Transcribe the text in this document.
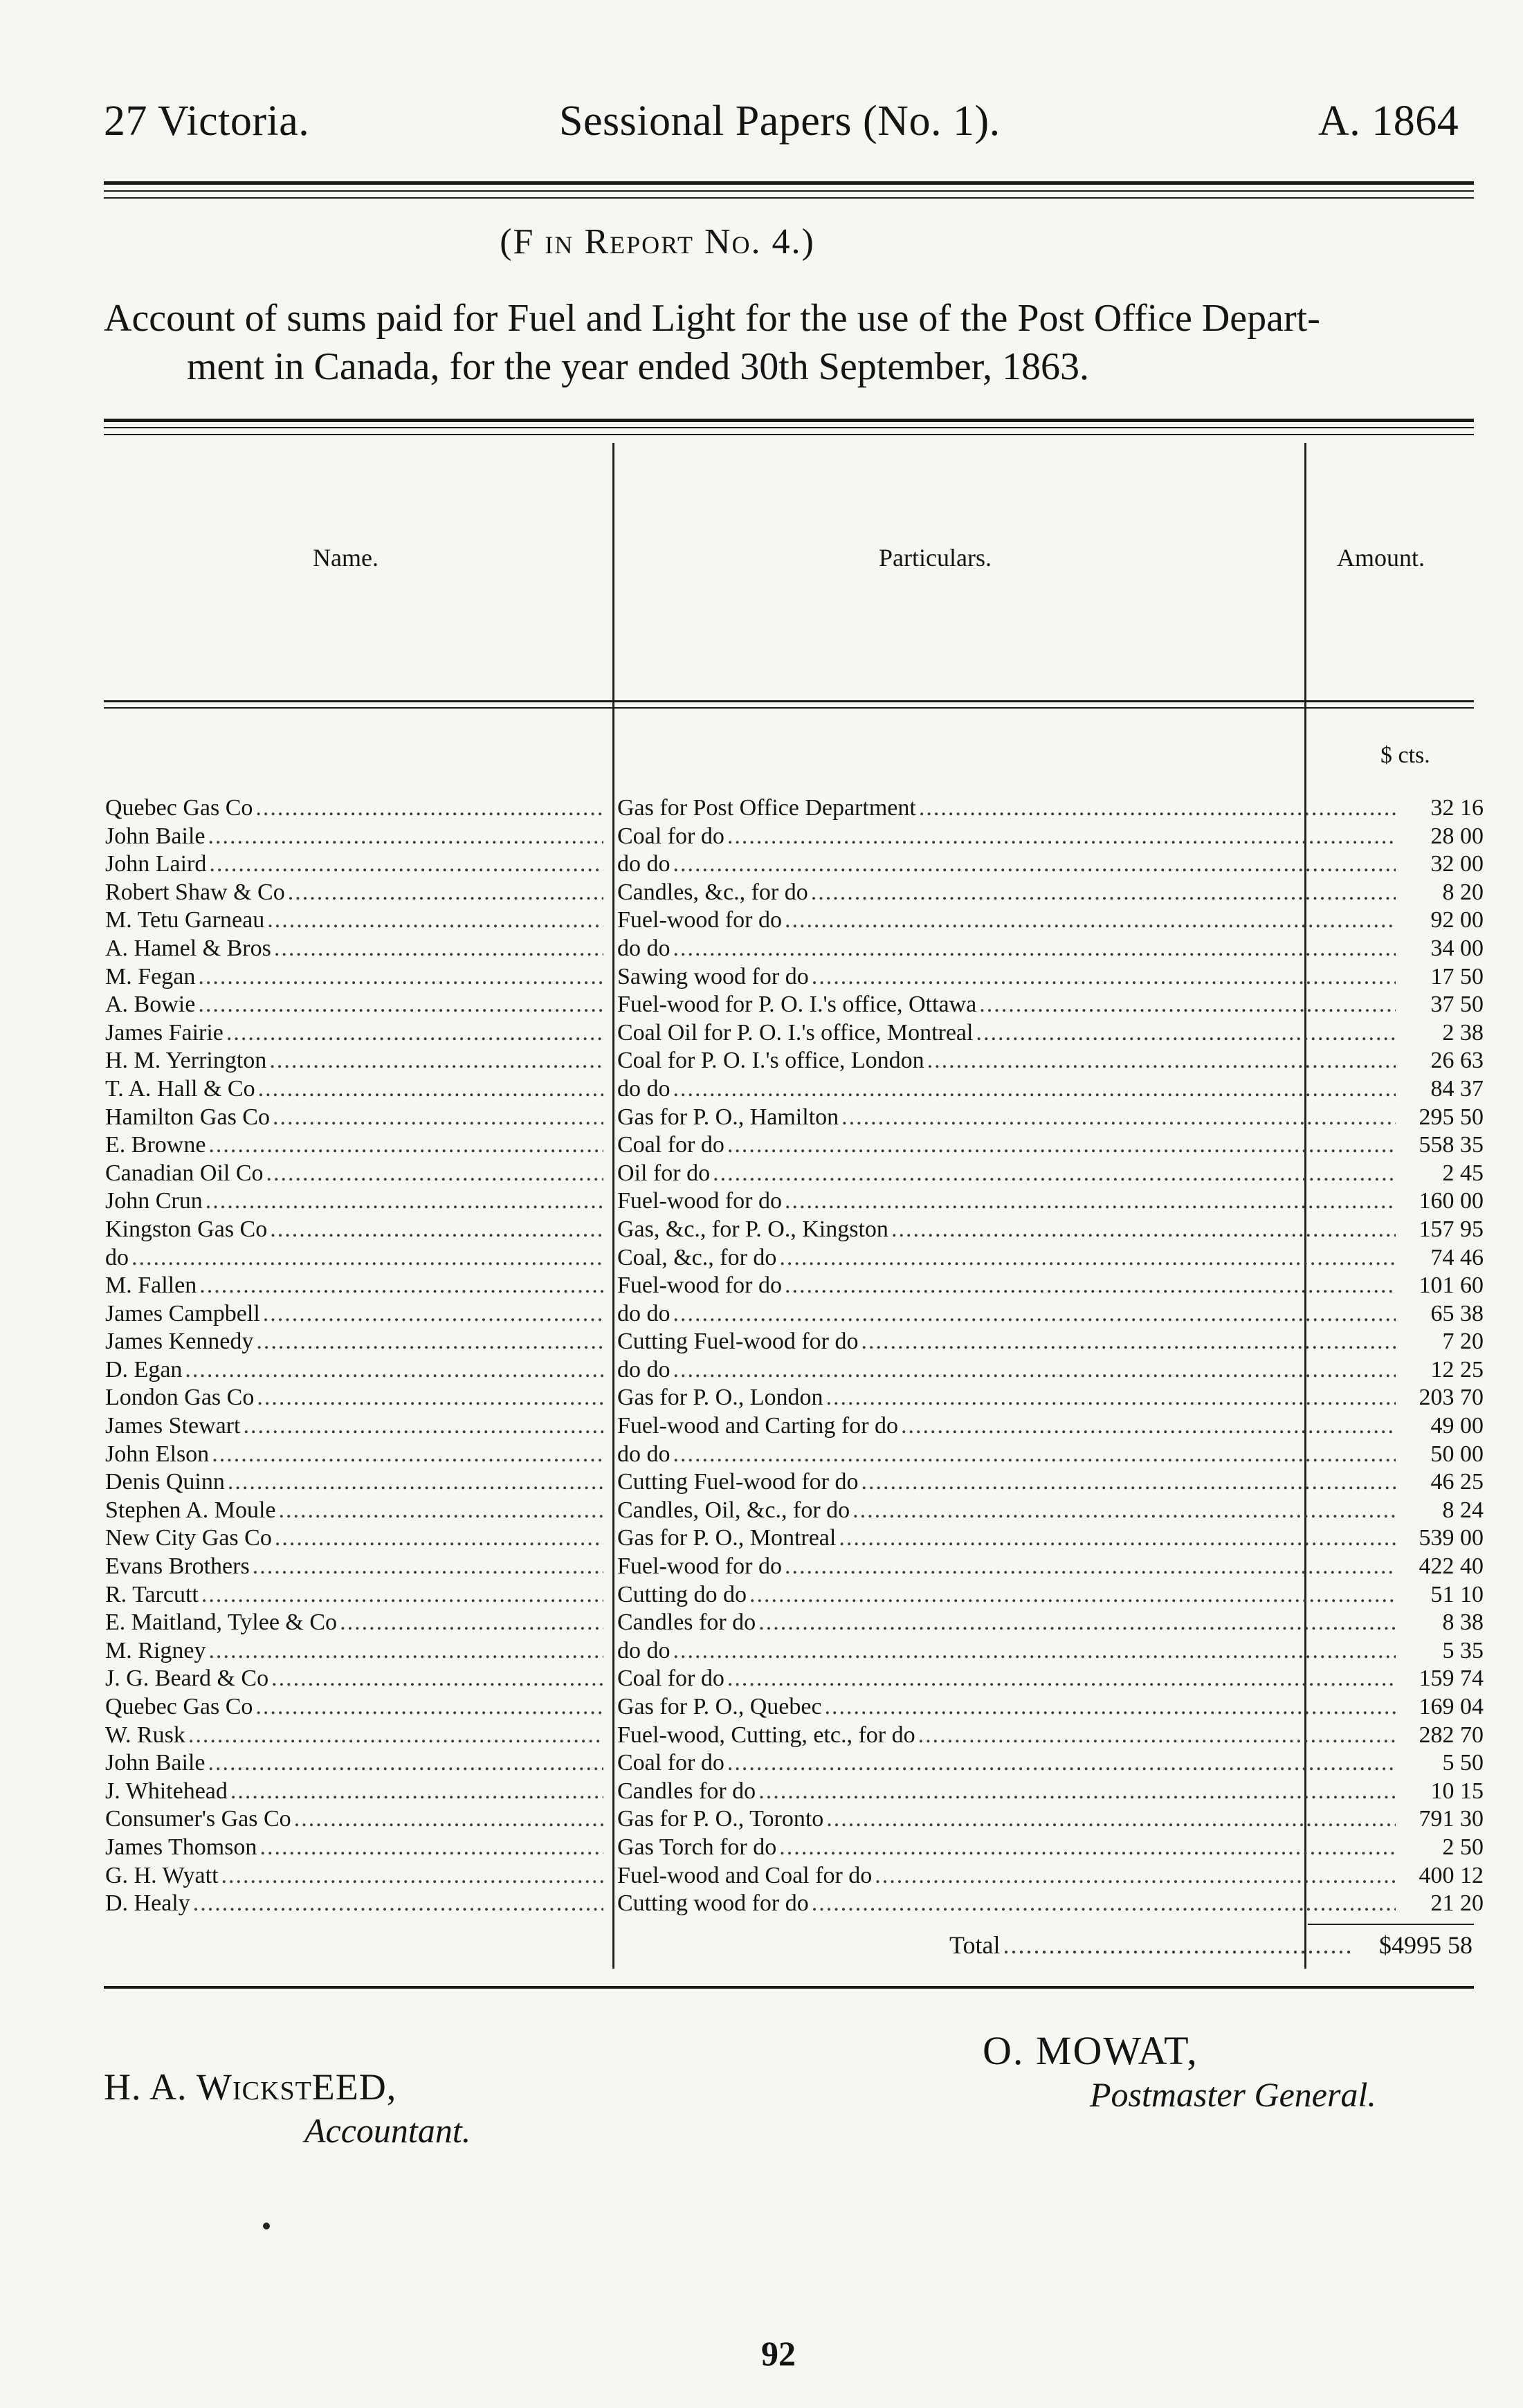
27 Victoria.	Sessional Papers (No. 1).	A. 1864
(F in Report No. 4.)
Account of sums paid for Fuel and Light for the use of the Post Office Depart-
ment in Canada, for the year ended 30th September, 1863.
Name.	Particulars.	Amount.
$ cts.
Quebec Gas Co .....	Gas for Post Office Department .....	32 16
John Baile .....	Coal for do .....	28 00
John Laird .....	do do .....	32 00
Robert Shaw & Co .....	Candles, &c., for do .....	8 20
M. Tetu Garneau .....	Fuel-wood for do .....	92 00
A. Hamel & Bros .....	do do .....	34 00
M. Fegan .....	Sawing wood for do .....	17 50
A. Bowie .....	Fuel-wood for P. O. I.'s office, Ottawa .....	37 50
James Fairie .....	Coal Oil for P. O. I.'s office, Montreal .....	2 38
H. M. Yerrington .....	Coal for P. O. I.'s office, London .....	26 63
T. A. Hall & Co .....	do do .....	84 37
Hamilton Gas Co .....	Gas for P. O., Hamilton .....	295 50
E. Browne .....	Coal for do .....	558 35
Canadian Oil Co .....	Oil for do .....	2 45
John Crun .....	Fuel-wood for do .....	160 00
Kingston Gas Co .....	Gas, &c., for P. O., Kingston .....	157 95
do .....	Coal, &c., for do .....	74 46
M. Fallen .....	Fuel-wood for do .....	101 60
James Campbell .....	do do .....	65 38
James Kennedy .....	Cutting Fuel-wood for do .....	7 20
D. Egan .....	do do .....	12 25
London Gas Co .....	Gas for P. O., London .....	203 70
James Stewart .....	Fuel-wood and Carting for do .....	49 00
John Elson .....	do do .....	50 00
Denis Quinn .....	Cutting Fuel-wood for do .....	46 25
Stephen A. Moule .....	Candles, Oil, &c., for do .....	8 24
New City Gas Co .....	Gas for P. O., Montreal .....	539 00
Evans Brothers .....	Fuel-wood for do .....	422 40
R. Tarcutt .....	Cutting do do .....	51 10
E. Maitland, Tylee & Co .....	Candles for do .....	8 38
M. Rigney .....	do do .....	5 35
J. G. Beard & Co .....	Coal for do .....	159 74
Quebec Gas Co .....	Gas for P. O., Quebec .....	169 04
W. Rusk .....	Fuel-wood, Cutting, etc., for do .....	282 70
John Baile .....	Coal for do .....	5 50
J. Whitehead .....	Candles for do .....	10 15
Consumer's Gas Co .....	Gas for P. O., Toronto .....	791 30
James Thomson .....	Gas Torch for do .....	2 50
G. H. Wyatt .....	Fuel-wood and Coal for do .....	400 12
D. Healy .....	Cutting wood for do .....	21 20
Total .....	$4995 58
O. MOWAT,
Postmaster General.
H. A. WickstEED,
Accountant.
92
